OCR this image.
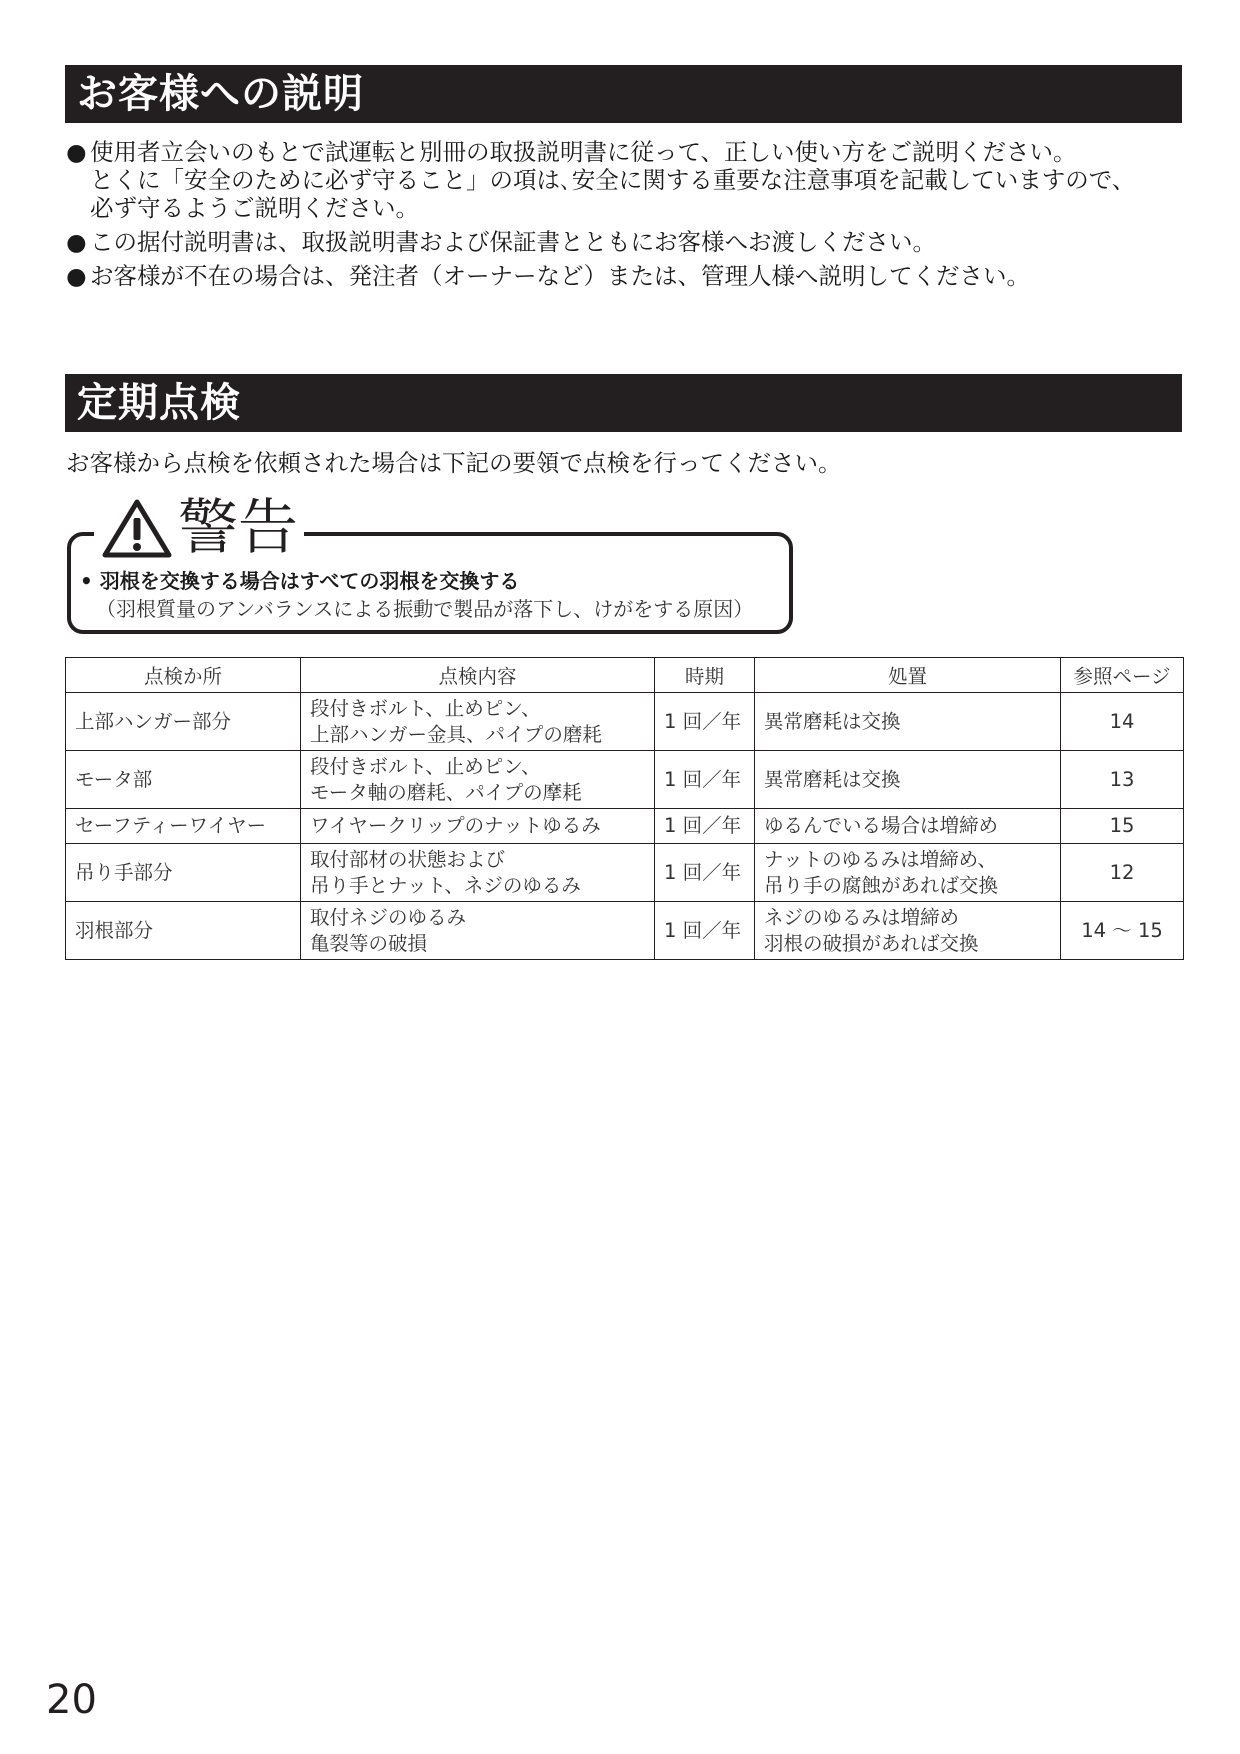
お客様への説明
● 使用者立会いのもとで試運転と別冊の取扱説明書に従って、正しい使い方をご説明ください。
とくに「安全のために必ず守ること」の項は､安全に関する重要な注意事項を記載していますので、
必ず守るようご説明ください。
● この据付説明書は、取扱説明書および保証書とともにお客様へお渡しください。
● お客様が不在の場合は、発注者（オーナーなど）または、管理人様へ説明してください。
定期点検
お客様から点検を依頼された場合は下記の要領で点検を行ってください。
警告
• 羽根を交換する場合はすべての羽根を交換する
（羽根質量のアンバランスによる振動で製品が落下し、けがをする原因）
点検か所	点検内容	時期	処置	参照ページ
上部ハンガー部分	段付きボルト、止めピン、
上部ハンガー金具、パイプの磨耗	1 回／年	異常磨耗は交換	14
モータ部	段付きボルト、止めピン、
モータ軸の磨耗、パイプの摩耗	1 回／年	異常磨耗は交換	13
セーフティーワイヤー	ワイヤークリップのナットゆるみ	1 回／年	ゆるんでいる場合は増締め	15
吊り手部分	取付部材の状態および
吊り手とナット、ネジのゆるみ	1 回／年	ナットのゆるみは増締め、
吊り手の腐蝕があれば交換	12
羽根部分	取付ネジのゆるみ
亀裂等の破損	1 回／年	ネジのゆるみは増締め
羽根の破損があれば交換	14 ～ 15
20
